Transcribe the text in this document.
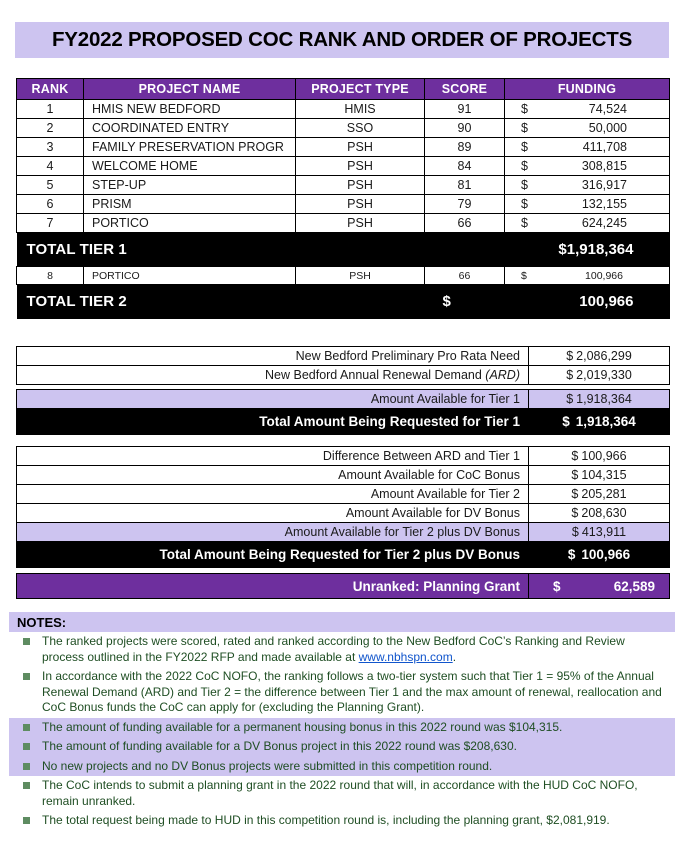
FY2022 PROPOSED COC RANK AND ORDER OF PROJECTS
RANK	PROJECT NAME	PROJECT TYPE	SCORE	FUNDING
1	HMIS NEW BEDFORD	HMIS	91	$ 74,524

2	COORDINATED ENTRY	SSO	90	$ 50,000

3	FAMILY PRESERVATION PROGR	PSH	89	$ 411,708

4	WELCOME HOME	PSH	84	$ 308,815

5	STEP-UP	PSH	81	$ 316,917

6	PRISM	PSH	79	$ 132,155

7	PORTICO	PSH	66	$ 624,245

TOTAL TIER 1			$1,918,364	

8	PORTICO	PSH	66	$ 100,966

TOTAL TIER 2			$ 100,966	
New Bedford Preliminary Pro Rata Need	$ 2,086,299

New Bedford Annual Renewal Demand (ARD)	$ 2,019,330
Amount Available for Tier 1	$ 1,918,364

Total Amount Being Requested for Tier 1	$ 1,918,364
Difference Between ARD and Tier 1	$ 100,966

Amount Available for CoC Bonus	$ 104,315

Amount Available for Tier 2	$ 205,281

Amount Available for DV Bonus	$ 208,630

Amount Available for Tier 2 plus DV Bonus	$ 413,911

Total Amount Being Requested for Tier 2 plus DV Bonus	$ 100,966
Unranked: Planning Grant	$	62,589
NOTES:
The ranked projects were scored, rated and ranked according to the New Bedford CoC’s Ranking and Review process outlined in the FY2022 RFP and made available at www.nbhspn.com.
In accordance with the 2022 CoC NOFO, the ranking follows a two-tier system such that Tier 1 = 95% of the Annual Renewal Demand (ARD) and Tier 2 = the difference between Tier 1 and the max amount of renewal, reallocation and CoC Bonus funds the CoC can apply for (excluding the Planning Grant).
The amount of funding available for a permanent housing bonus in this 2022 round was $104,315.
The amount of funding available for a DV Bonus project in this 2022 round was $208,630.
No new projects and no DV Bonus projects were submitted in this competition round.
The CoC intends to submit a planning grant in the 2022 round that will, in accordance with the HUD CoC NOFO, remain unranked.
The total request being made to HUD in this competition round is, including the planning grant, $2,081,919.
